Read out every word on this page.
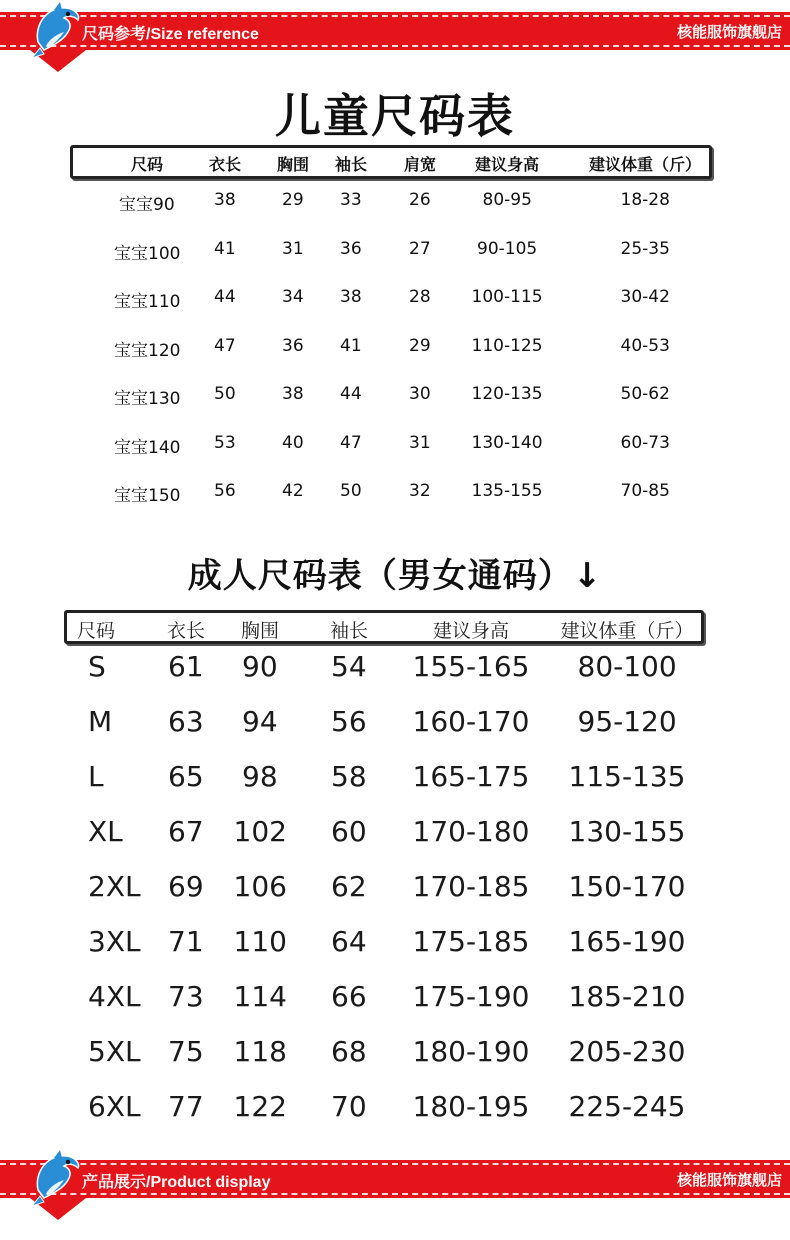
尺码参考/Size reference	核能服饰旗舰店
儿童尺码表
尺码	衣长 胸围 袖长 肩宽 建议身高	建议体重（斤）
宝宝90 38	29 33	26	80-95	18-28
宝宝100 41	31 36	27	90-105	25-35
宝宝110 44	34 38	28 100-115	30-42
宝宝120 47	36 41	29 110-125	40-53
宝宝130 50	38 44	30 120-135	50-62
宝宝140 53	40 47	31 130-140	60-73
宝宝150 56	42 50	32 135-155	70-85
成人尺码表（男女通码）↓
尺码	衣长 胸围	袖长	建议身高	建议体重（斤）
S 61 90 54 155-165 80-100
M 63 94 56 160-170 95-120
L 65 98 58 165-175 115-135
XL 67 102 60 170-180 130-155
2XL 69 106 62 170-185 150-170
3XL 71 110 64 175-185 165-190
4XL 73 114 66 175-190 185-210
5XL 75 118 68 180-190 205-230
6XL 77 122 70 180-195 225-245
产品展示/Product display	核能服饰旗舰店
